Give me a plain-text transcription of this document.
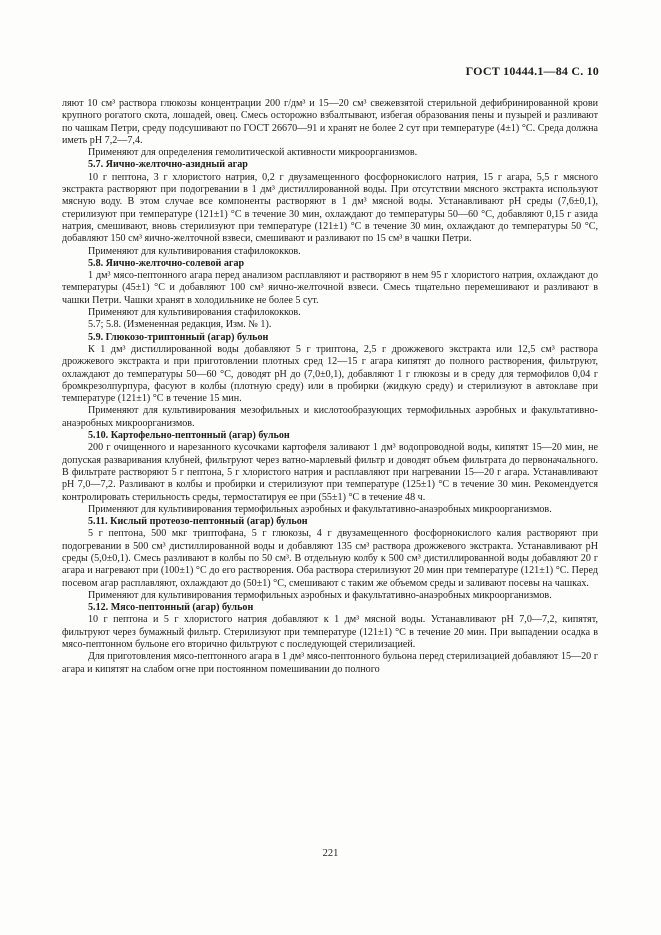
ГОСТ 10444.1—84 С. 10

ляют 10 см³ раствора глюкозы концентрации 200 г/дм³ и 15—20 см³ свежевзятой стерильной дефибринированной крови крупного рогатого скота, лошадей, овец. Смесь осторожно взбалтывают, избегая образования пены и пузырей и разливают по чашкам Петри, среду подсушивают по ГОСТ 26670—91 и хранят не более 2 сут при температуре (4±1) °С. Среда должна иметь рН 7,2—7,4.

Применяют для определения гемолитической активности микроорганизмов.

5.7. Яично-желточно-азидный агар

10 г пептона, 3 г хлористого натрия, 0,2 г двузамещенного фосфорнокислого натрия, 15 г агара, 5,5 г мясного экстракта растворяют при подогревании в 1 дм³ дистиллированной воды. При отсутствии мясного экстракта используют мясную воду. В этом случае все компоненты растворяют в 1 дм³ мясной воды. Устанавливают рН среды (7,6±0,1), стерилизуют при температуре (121±1) °С в течение 30 мин, охлаждают до температуры 50—60 °С, добавляют 0,15 г азида натрия, смешивают, вновь стерилизуют при температуре (121±1) °С в течение 30 мин, охлаждают до температуры 50 °С, добавляют 150 см³ яично-желточной взвеси, смешивают и разливают по 15 см³ в чашки Петри.

Применяют для культивирования стафилококков.

5.8. Яично-желточно-солевой агар

1 дм³ мясо-пептонного агара перед анализом расплавляют и растворяют в нем 95 г хлористого натрия, охлаждают до температуры (45±1) °С и добавляют 100 см³ яично-желточной взвеси. Смесь тщательно перемешивают и разливают в чашки Петри. Чашки хранят в холодильнике не более 5 сут.

Применяют для культивирования стафилококков.

5.7; 5.8. (Измененная редакция, Изм. № 1).

5.9. Глюкозо-триптонный (агар) бульон

К 1 дм³ дистиллированной воды добавляют 5 г триптона, 2,5 г дрожжевого экстракта или 12,5 см³ раствора дрожжевого экстракта и при приготовлении плотных сред 12—15 г агара кипятят до полного растворения, фильтруют, охлаждают до температуры 50—60 °С, доводят рН до (7,0±0,1), добавляют 1 г глюкозы и в среду для термофилов 0,04 г бромкрезолпурпура, фасуют в колбы (плотную среду) или в пробирки (жидкую среду) и стерилизуют в автоклаве при температуре (121±1) °С в течение 15 мин.

Применяют для культивирования мезофильных и кислотообразующих термофильных аэробных и факультативно-анаэробных микроорганизмов.

5.10. Картофельно-пептонный (агар) бульон

200 г очищенного и нарезанного кусочками картофеля заливают 1 дм³ водопроводной воды, кипятят 15—20 мин, не допуская разваривания клубней, фильтруют через ватно-марлевый фильтр и доводят объем фильтрата до первоначального. В фильтрате растворяют 5 г пептона, 5 г хлористого натрия и расплавляют при нагревании 15—20 г агара. Устанавливают рН 7,0—7,2. Разливают в колбы и пробирки и стерилизуют при температуре (125±1) °С в течение 30 мин. Рекомендуется контролировать стерильность среды, термостатируя ее при (55±1) °С в течение 48 ч.

Применяют для культивирования термофильных аэробных и факультативно-анаэробных микроорганизмов.

5.11. Кислый протеозо-пептонный (агар) бульон

5 г пептона, 500 мкг триптофана, 5 г глюкозы, 4 г двузамещенного фосфорнокислого калия растворяют при подогревании в 500 см³ дистиллированной воды и добавляют 135 см³ раствора дрожжевого экстракта. Устанавливают рН среды (5,0±0,1). Смесь разливают в колбы по 50 см³. В отдельную колбу к 500 см³ дистиллированной воды добавляют 20 г агара и нагревают при (100±1) °С до его растворения. Оба раствора стерилизуют 20 мин при температуре (121±1) °С. Перед посевом агар расплавляют, охлаждают до (50±1) °С, смешивают с таким же объемом среды и заливают посевы на чашках.

Применяют для культивирования термофильных аэробных и факультативно-анаэробных микроорганизмов.

5.12. Мясо-пептонный (агар) бульон

10 г пептона и 5 г хлористого натрия добавляют к 1 дм³ мясной воды. Устанавливают рН 7,0—7,2, кипятят, фильтруют через бумажный фильтр. Стерилизуют при температуре (121±1) °С в течение 20 мин. При выпадении осадка в мясо-пептонном бульоне его вторично фильтруют с последующей стерилизацией.

Для приготовления мясо-пептонного агара в 1 дм³ мясо-пептонного бульона перед стерилизацией добавляют 15—20 г агара и кипятят на слабом огне при постоянном помешивании до полного

221
